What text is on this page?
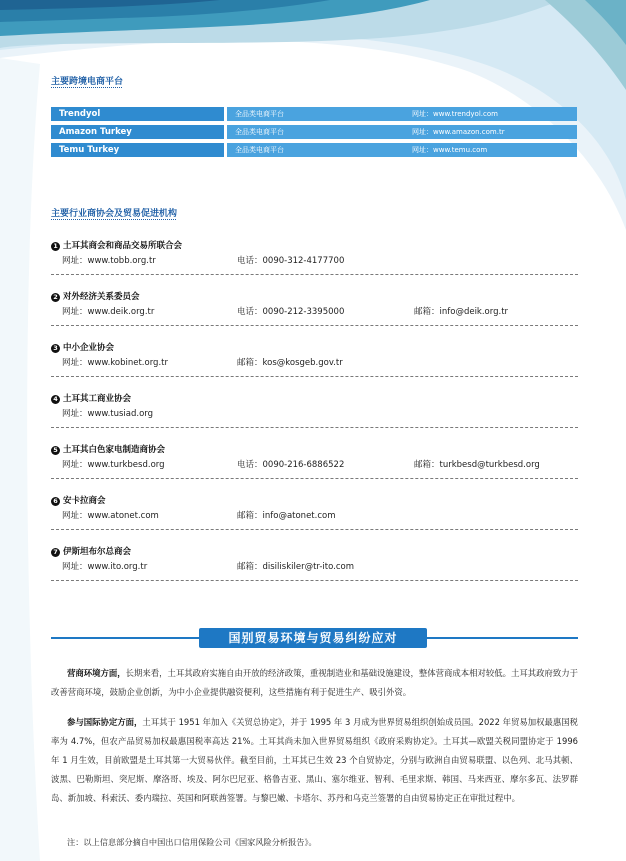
主要跨境电商平台
Trendyol	全品类电商平台	网址：www.trendyol.com
Amazon Turkey	全品类电商平台	网址：www.amazon.com.tr
Temu Turkey	全品类电商平台	网址：www.temu.com
主要行业商协会及贸易促进机构
1 土耳其商会和商品交易所联合会
网址：www.tobb.org.tr	电话：0090-312-4177700
2 对外经济关系委员会
网址：www.deik.org.tr	电话：0090-212-3395000	邮箱：info@deik.org.tr
3 中小企业协会
网址：www.kobinet.org.tr	邮箱：kos@kosgeb.gov.tr
4 土耳其工商业协会
网址：www.tusiad.org
5 土耳其白色家电制造商协会
网址：www.turkbesd.org	电话：0090-216-6886522	邮箱：turkbesd@turkbesd.org
6 安卡拉商会
网址：www.atonet.com	邮箱：info@atonet.com
7 伊斯坦布尔总商会
网址：www.ito.org.tr	邮箱：disiliskiler@tr-ito.com
国别贸易环境与贸易纠纷应对

营商环境方面，长期来看，土耳其政府实施自由开放的经济政策，重视制造业和基础设施建设，整体营商成本相对较低。土耳其政府致力于改善营商环境，鼓励企业创新，为中小企业提供融资便利，这些措施有利于促进生产、吸引外资。

参与国际协定方面，土耳其于 1951 年加入《关贸总协定》，并于 1995 年 3 月成为世界贸易组织创始成员国。2022 年贸易加权最惠国税率为 4.7%，但农产品贸易加权最惠国税率高达 21%。土耳其尚未加入世界贸易组织《政府采购协定》。土耳其—欧盟关税同盟协定于 1996 年 1 月生效，目前欧盟是土耳其第一大贸易伙伴。截至目前，土耳其已生效 23 个自贸协定，分别与欧洲自由贸易联盟、以色列、北马其顿、波黑、巴勒斯坦、突尼斯、摩洛哥、埃及、阿尔巴尼亚、格鲁吉亚、黑山、塞尔维亚、智利、毛里求斯、韩国、马来西亚、摩尔多瓦、法罗群岛、新加坡、科索沃、委内瑞拉、英国和阿联酋签署。与黎巴嫩、卡塔尔、苏丹和乌克兰签署的自由贸易协定正在审批过程中。

注：以上信息部分摘自中国出口信用保险公司《国家风险分析报告》。
